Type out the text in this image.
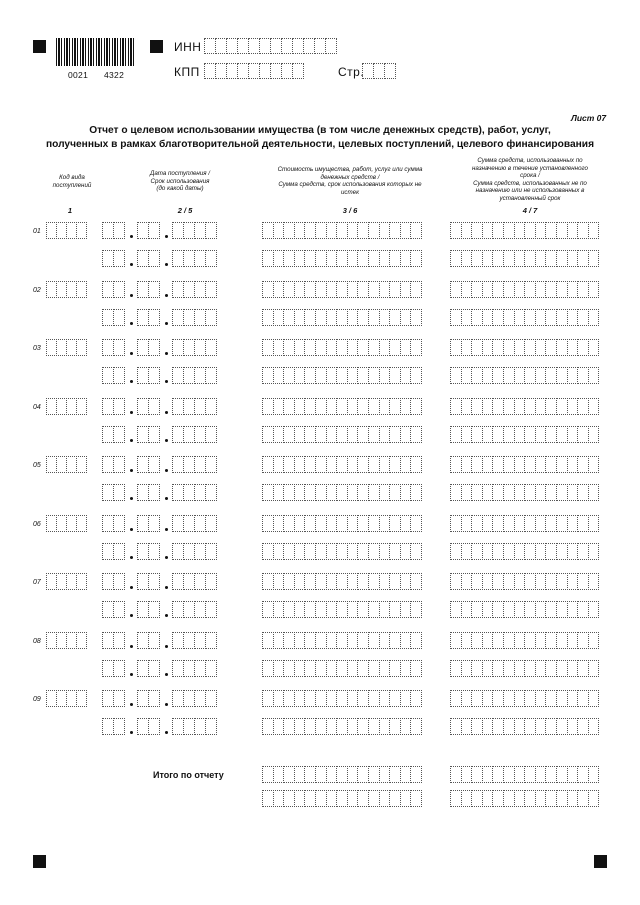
0021 4322
ИНН
КПП	Стр.
Лист 07
Отчет о целевом использовании имущества (в том числе денежных средств), работ, услуг,
полученных в рамках благотворительной деятельности, целевых поступлений, целевого финансирования
Код вида
поступлений
Дата поступления /
Срок использования
(до какой даты)
Стоимость имущества, работ, услуг или сумма
денежных средств /
Сумма средств, срок использования которых не
истек
Сумма средств, использованных по
назначению в течение установленного
срока /
Сумма средств, использованных не по
назначению или не использованных в
установленный срок
1	2 / 5	3 / 6	4 / 7
01
02
03
04
05
06
07
08
09
Итого по отчету
